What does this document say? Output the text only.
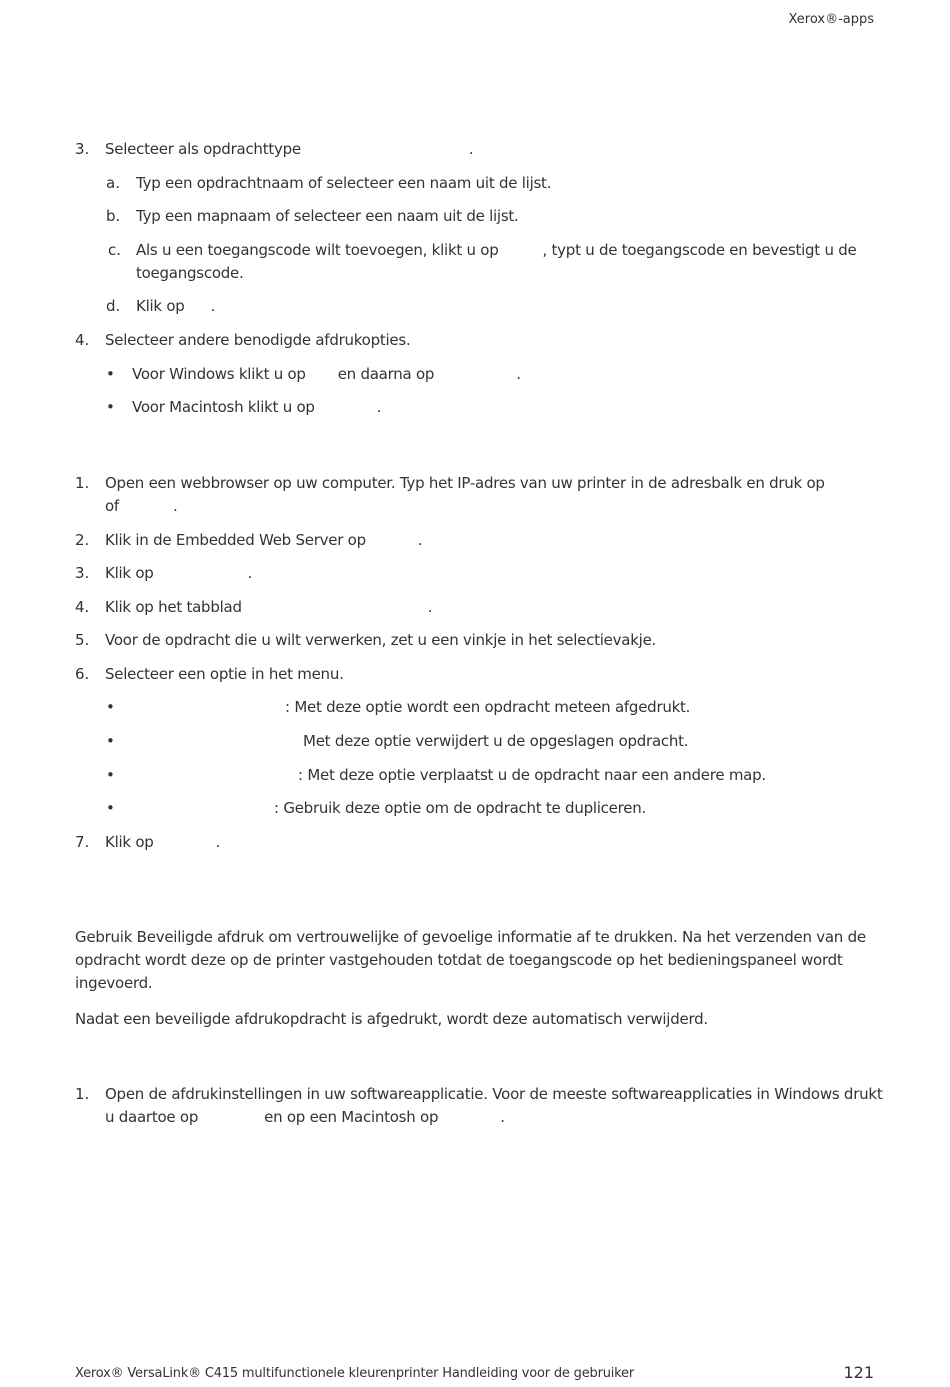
Xerox®-apps
3. Selecteer als opdrachttype	.
a. Typ een opdrachtnaam of selecteer een naam uit de lijst.
b. Typ een mapnaam of selecteer een naam uit de lijst.
c. Als u een toegangscode wilt toevoegen, klikt u op	, typt u de toegangscode en bevestigt u de
toegangscode.
d. Klik op .
4. Selecteer andere benodigde afdrukopties.
• Voor Windows klikt u op en daarna op	.
• Voor Macintosh klikt u op	.
1. Open een webbrowser op uw computer. Typ het IP-adres van uw printer in de adresbalk en druk op
of	.
2. Klik in de Embedded Web Server op	.
3. Klik op	.
4. Klik op het tabblad	.
5. Voor de opdracht die u wilt verwerken, zet u een vinkje in het selectievakje.
6. Selecteer een optie in het menu.
•	: Met deze optie wordt een opdracht meteen afgedrukt.
•	Met deze optie verwijdert u de opgeslagen opdracht.
•	: Met deze optie verplaatst u de opdracht naar een andere map.
•	: Gebruik deze optie om de opdracht te dupliceren.
7. Klik op	.
Gebruik Beveiligde afdruk om vertrouwelijke of gevoelige informatie af te drukken. Na het verzenden van de
opdracht wordt deze op de printer vastgehouden totdat de toegangscode op het bedieningspaneel wordt
ingevoerd.
Nadat een beveiligde afdrukopdracht is afgedrukt, wordt deze automatisch verwijderd.
1. Open de afdrukinstellingen in uw softwareapplicatie. Voor de meeste softwareapplicaties in Windows drukt
u daartoe op	en op een Macintosh op	.
Xerox® VersaLink® C415 multifunctionele kleurenprinter Handleiding voor de gebruiker	121
